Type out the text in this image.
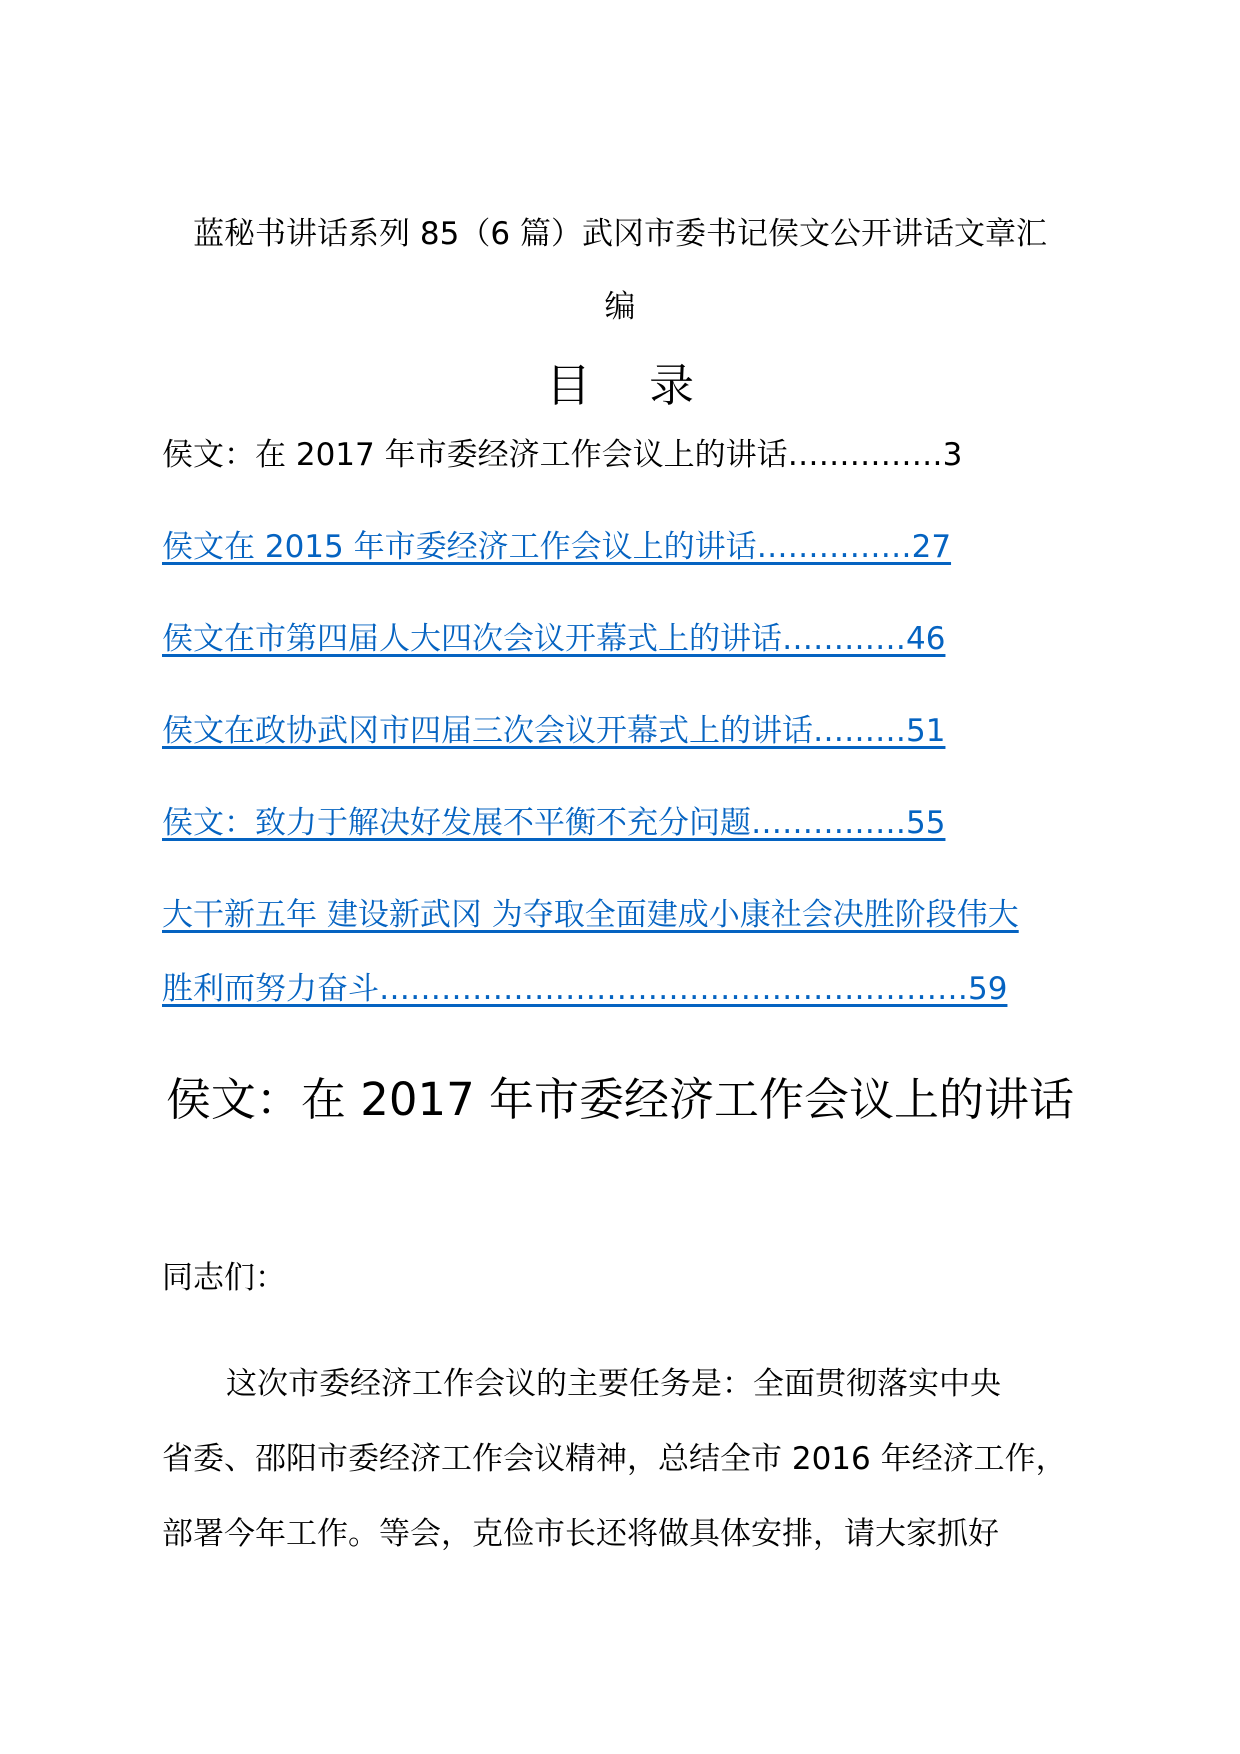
蓝秘书讲话系列 85（6 篇）武冈市委书记侯文公开讲话文章汇
编
目 录
侯文：在 2017 年市委经济工作会议上的讲话……………3
侯文在 2015 年市委经济工作会议上的讲话……………27
侯文在市第四届人大四次会议开幕式上的讲话…………46
侯文在政协武冈市四届三次会议开幕式上的讲话………51
侯文：致力于解决好发展不平衡不充分问题……………55
大干新五年 建设新武冈 为夺取全面建成小康社会决胜阶段伟大
胜利而努力奋斗…………………………………………………59
侯文：在 2017 年市委经济工作会议上的讲话
同志们：
这次市委经济工作会议的主要任务是：全面贯彻落实中央
省委、邵阳市委经济工作会议精神，总结全市 2016 年经济工作，
部署今年工作。等会，克俭市长还将做具体安排，请大家抓好
